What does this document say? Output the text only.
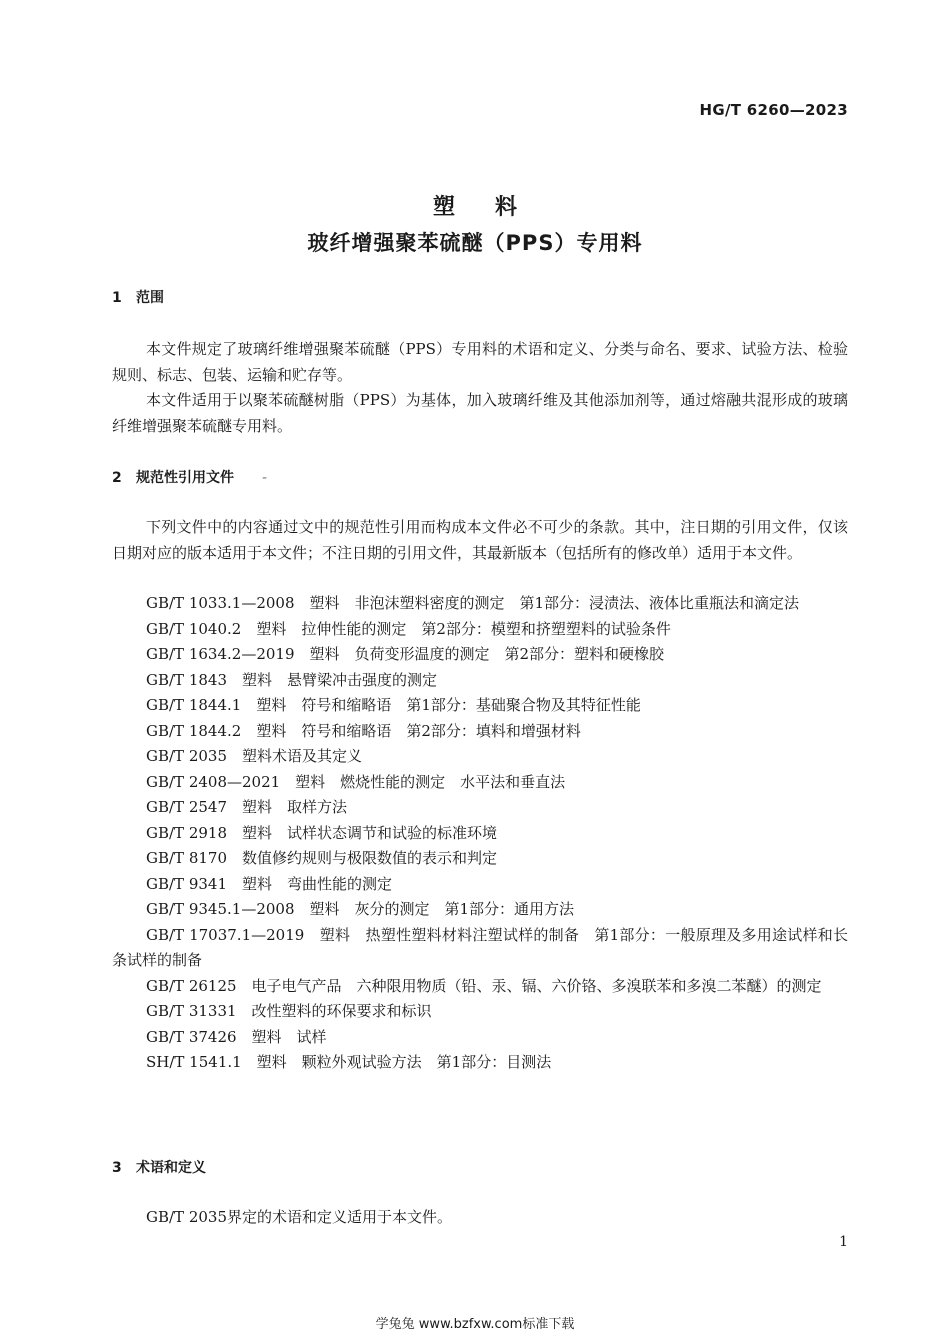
HG/T 6260—2023
塑料
玻纤增强聚苯硫醚（PPS）专用料
1 范围

本文件规定了玻璃纤维增强聚苯硫醚（PPS）专用料的术语和定义、分类与命名、要求、试验方法、检验规则、标志、包装、运输和贮存等。

本文件适用于以聚苯硫醚树脂（PPS）为基体，加入玻璃纤维及其他添加剂等，通过熔融共混形成的玻璃纤维增强聚苯硫醚专用料。

2 规范性引用文件 -

下列文件中的内容通过文中的规范性引用而构成本文件必不可少的条款。其中，注日期的引用文件，仅该日期对应的版本适用于本文件；不注日期的引用文件，其最新版本（包括所有的修改单）适用于本文件。

GB/T 1033.1—2008　塑料　非泡沫塑料密度的测定　第1部分：浸渍法、液体比重瓶法和滴定法
GB/T 1040.2　塑料　拉伸性能的测定　第2部分：模塑和挤塑塑料的试验条件
GB/T 1634.2—2019　塑料　负荷变形温度的测定　第2部分：塑料和硬橡胶
GB/T 1843　塑料　悬臂梁冲击强度的测定
GB/T 1844.1　塑料　符号和缩略语　第1部分：基础聚合物及其特征性能
GB/T 1844.2　塑料　符号和缩略语　第2部分：填料和增强材料
GB/T 2035　塑料术语及其定义
GB/T 2408—2021　塑料　燃烧性能的测定　水平法和垂直法
GB/T 2547　塑料　取样方法
GB/T 2918　塑料　试样状态调节和试验的标准环境
GB/T 8170　数值修约规则与极限数值的表示和判定
GB/T 9341　塑料　弯曲性能的测定
GB/T 9345.1—2008　塑料　灰分的测定　第1部分：通用方法
GB/T 17037.1—2019　塑料　热塑性塑料材料注塑试样的制备　第1部分：一般原理及多用途试样和长条试样的制备
GB/T 26125　电子电气产品　六种限用物质（铅、汞、镉、六价铬、多溴联苯和多溴二苯醚）的测定
GB/T 31331　改性塑料的环保要求和标识
GB/T 37426　塑料　试样
SH/T 1541.1　塑料　颗粒外观试验方法　第1部分：目测法
3 术语和定义

GB/T 2035界定的术语和定义适用于本文件。

1
学兔兔 www.bzfxw.com标准下载
